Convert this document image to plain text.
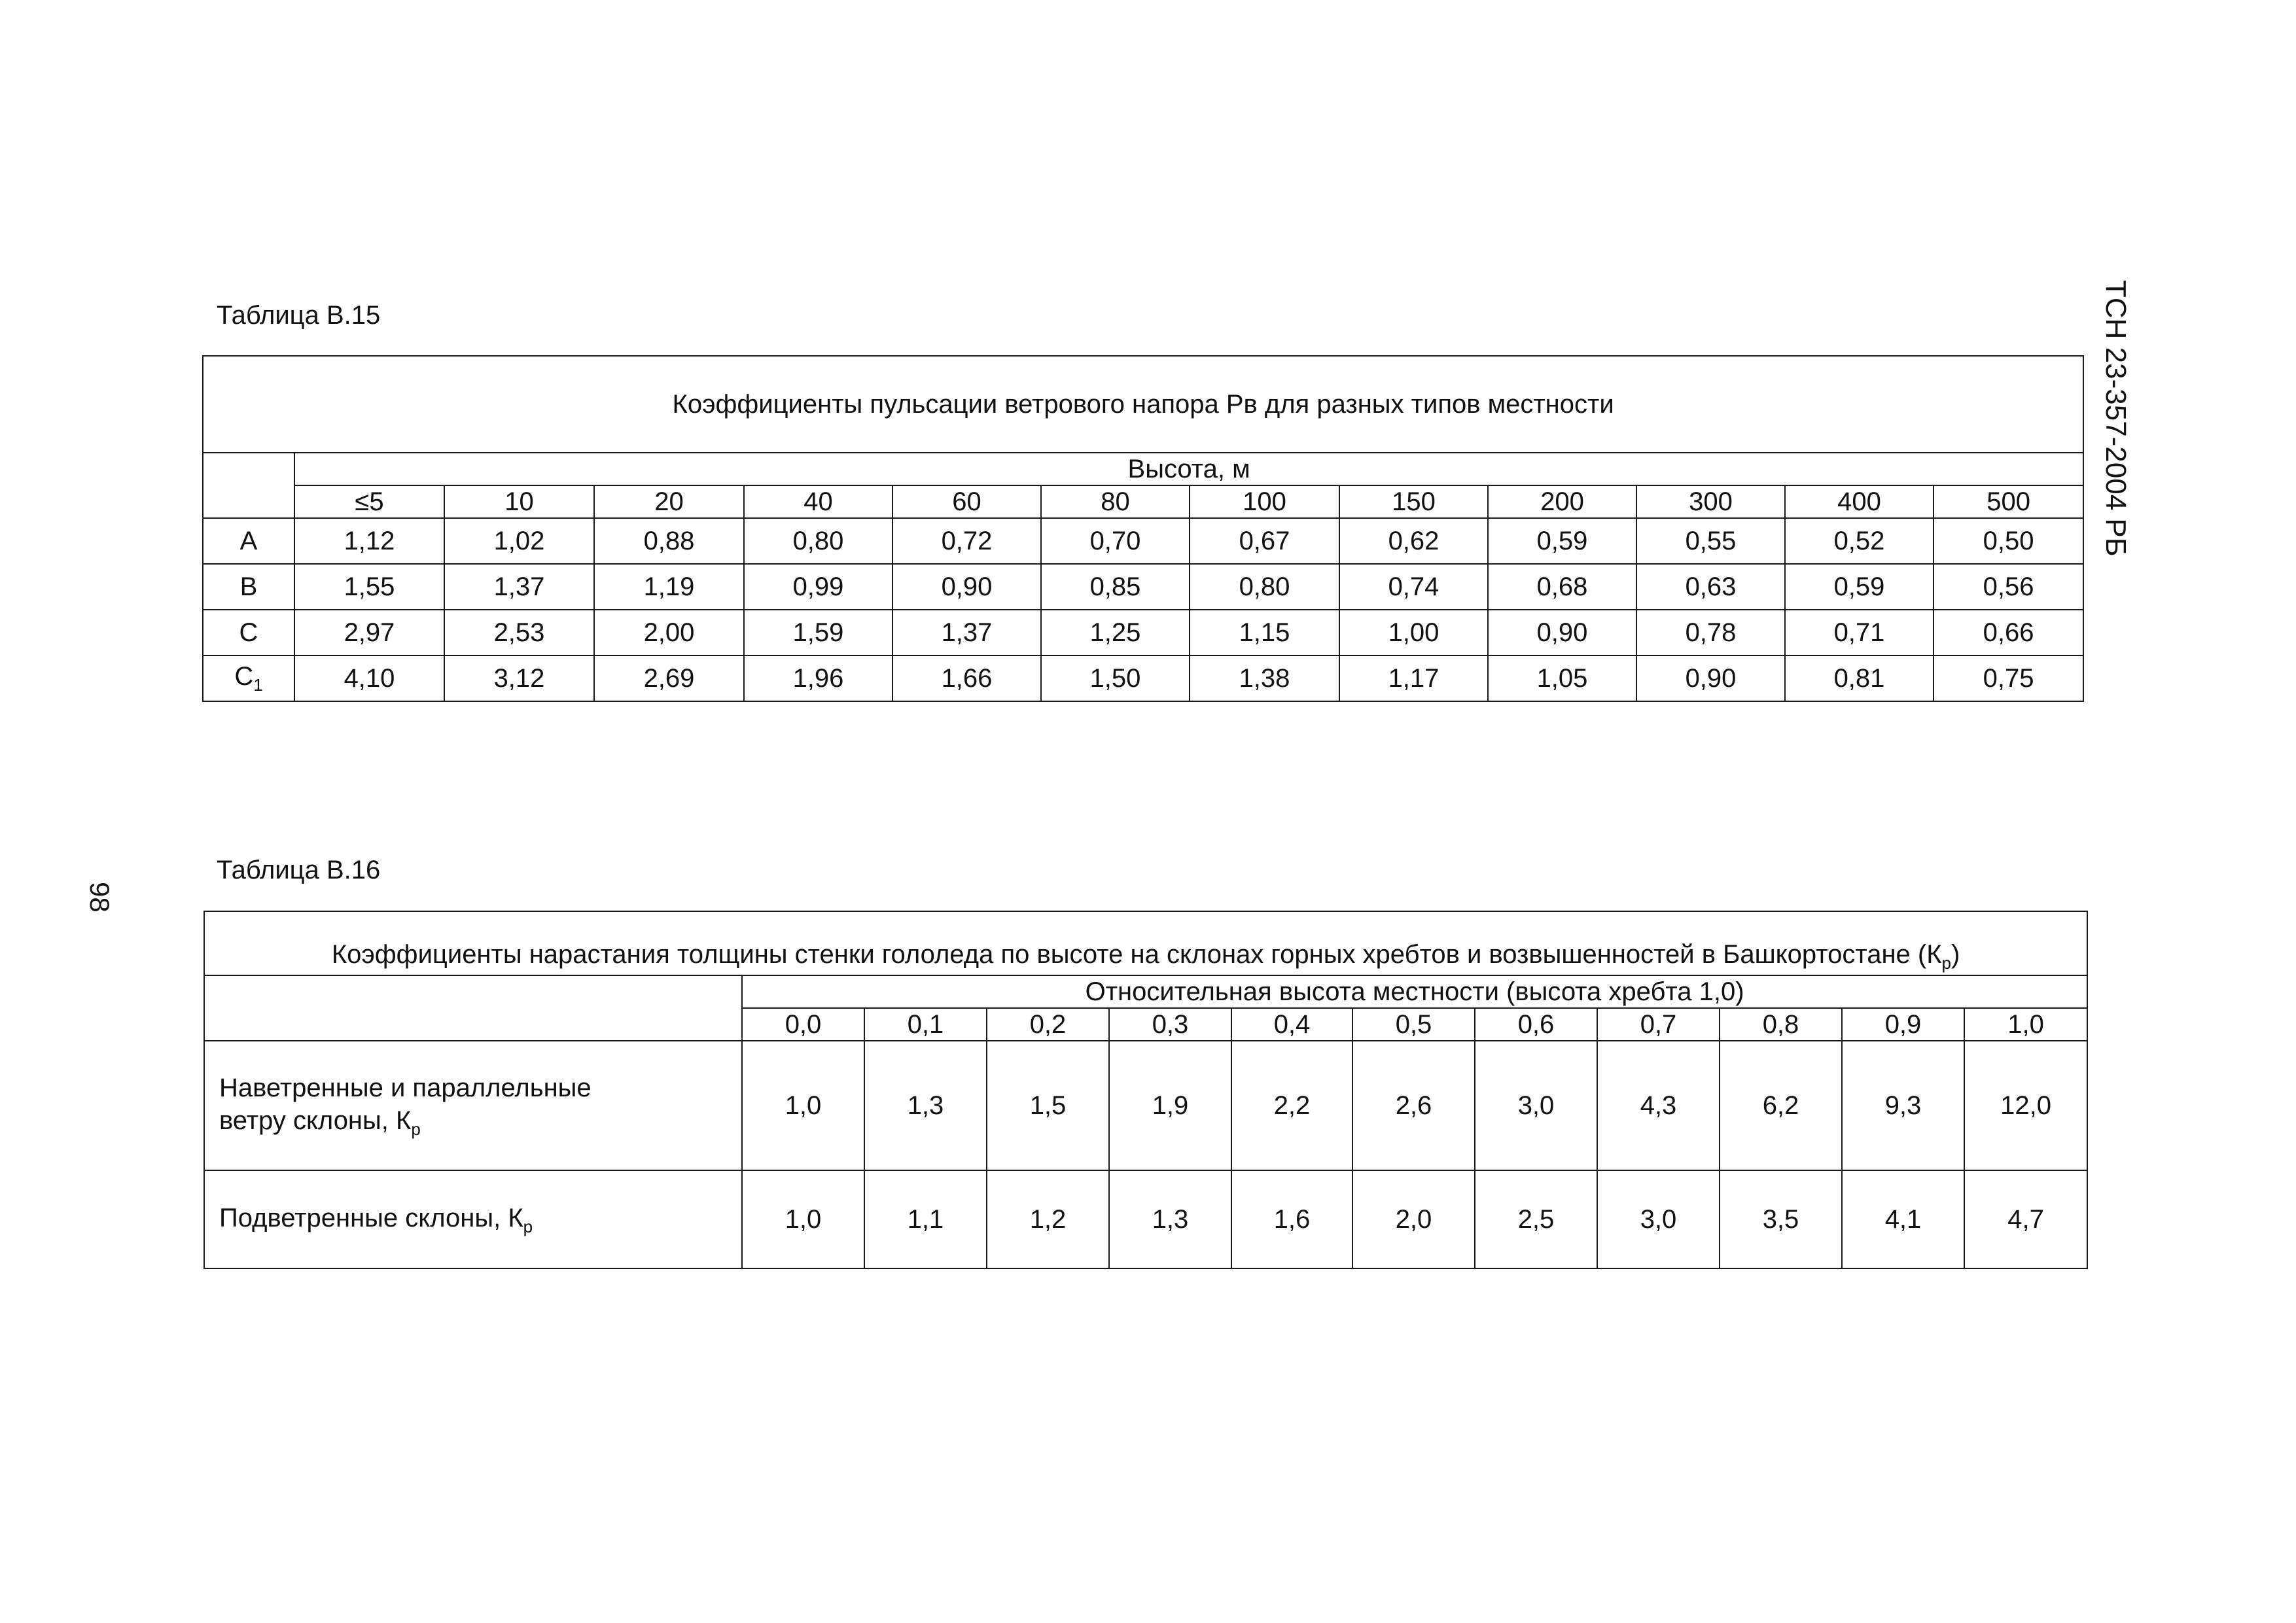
ТСН 23-357-2004 РБ
98
Таблица В.15
Коэффициенты пульсации ветрового напора Рв для разных типов местности												
	Высота, м											
	≤5	10	20	40	60	80	100	150	200	300	400	500
A	1,12	1,02	0,88	0,80	0,72	0,70	0,67	0,62	0,59	0,55	0,52	0,50
B	1,55	1,37	1,19	0,99	0,90	0,85	0,80	0,74	0,68	0,63	0,59	0,56
C	2,97	2,53	2,00	1,59	1,37	1,25	1,15	1,00	0,90	0,78	0,71	0,66
$C_1$	4,10	3,12	2,69	1,96	1,66	1,50	1,38	1,17	1,05	0,90	0,81	0,75
Таблица В.16
Коэффициенты нарастания толщины стенки гололеда по высоте на склонах горных хребтов и возвышенностей в Башкортостане $(К_р)$											
	Относительная высота местности (высота хребта 1,0)										
	0,0	0,1	0,2	0,3	0,4	0,5	0,6	0,7	0,8	0,9	1,0
Наветренные и параллельные
ветру склоны, $К_р$	1,0	1,3	1,5	1,9	2,2	2,6	3,0	4,3	6,2	9,3	12,0
Подветренные склоны, $К_р$	1,0	1,1	1,2	1,3	1,6	2,0	2,5	3,0	3,5	4,1	4,7
